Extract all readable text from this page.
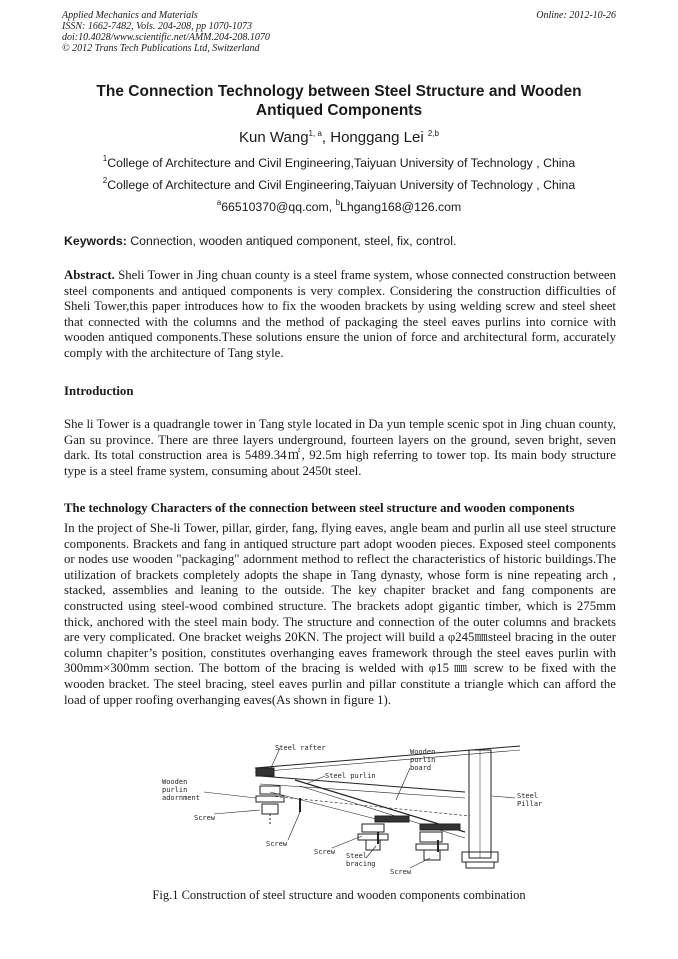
Applied Mechanics and Materials
ISSN: 1662-7482, Vols. 204-208, pp 1070-1073
doi:10.4028/www.scientific.net/AMM.204-208.1070
© 2012 Trans Tech Publications Ltd, Switzerland
Online: 2012-10-26
The Connection Technology between Steel Structure and Wooden
Antiqued Components
Kun Wang$^{1, a}$, Honggang Lei $^{2,b}$
$^1$College of Architecture and Civil Engineering,Taiyuan University of Technology , China
$^2$College of Architecture and Civil Engineering,Taiyuan University of Technology , China
$^a$66510370@qq.com, $^b$Lhgang168@126.com
Keywords: Connection, wooden antiqued component, steel, fix, control.

Abstract. Sheli Tower in Jing chuan county is a steel frame system, whose connected construction between steel components and antiqued components is very complex. Considering the construction difficulties of Sheli Tower,this paper introduces how to fix the wooden brackets by using welding screw and steel sheet that connected with the columns and the method of packaging the steel eaves purlins into cornice with wooden antiqued components.These solutions ensure the union of force and architectural form, accurately comply with the architecture of Tang style.

Introduction

She li Tower is a quadrangle tower in Tang style located in Da yun temple scenic spot in Jing chuan county, Gan su province. There are three layers underground, fourteen layers on the ground, seven bright, seven dark. Its total construction area is 5489.34㎡, 92.5m high referring to tower top. Its main body structure type is a steel frame system, consuming about 2450t steel.

The technology Characters of the connection between steel structure and wooden components

In the project of She-li Tower, pillar, girder, fang, flying eaves, angle beam and purlin all use steel structure components. Brackets and fang in antiqued structure part adopt wooden pieces. Exposed steel components or nodes use wooden "packaging" adornment method to reflect the characteristics of historic buildings.The utilization of brackets completely adopts the shape in Tang dynasty, whose form is nine repeating arch , stacked, assemblies and leaning to the outside. The key chapiter bracket and fang components are constructed using steel-wood combined structure. The brackets adopt gigantic timber, which is 275mm thick, anchored with the steel main body. The structure and connection of the outer columns and brackets are very complicated. One bracket weighs 20KN. The project will build a φ245㎜steel bracing in the outer column chapiter’s position, constitutes overhanging eaves framework through the steel eaves purlin with 300mm×300mm section. The bottom of the bracing is welded with φ15 ㎜ screw to be fixed with the wooden bracket. The steel bracing, steel eaves purlin and pillar constitute a triangle which can afford the load of upper roofing overhanging eaves(As shown in figure 1).

Steel rafter
Steel purlin
Wooden
purlin
board
Wooden
purlin
adornment
Screw
Screw
Screw Steel
bracing
Screw
Steel
Pillar
Fig.1 Construction of steel structure and wooden components combination
